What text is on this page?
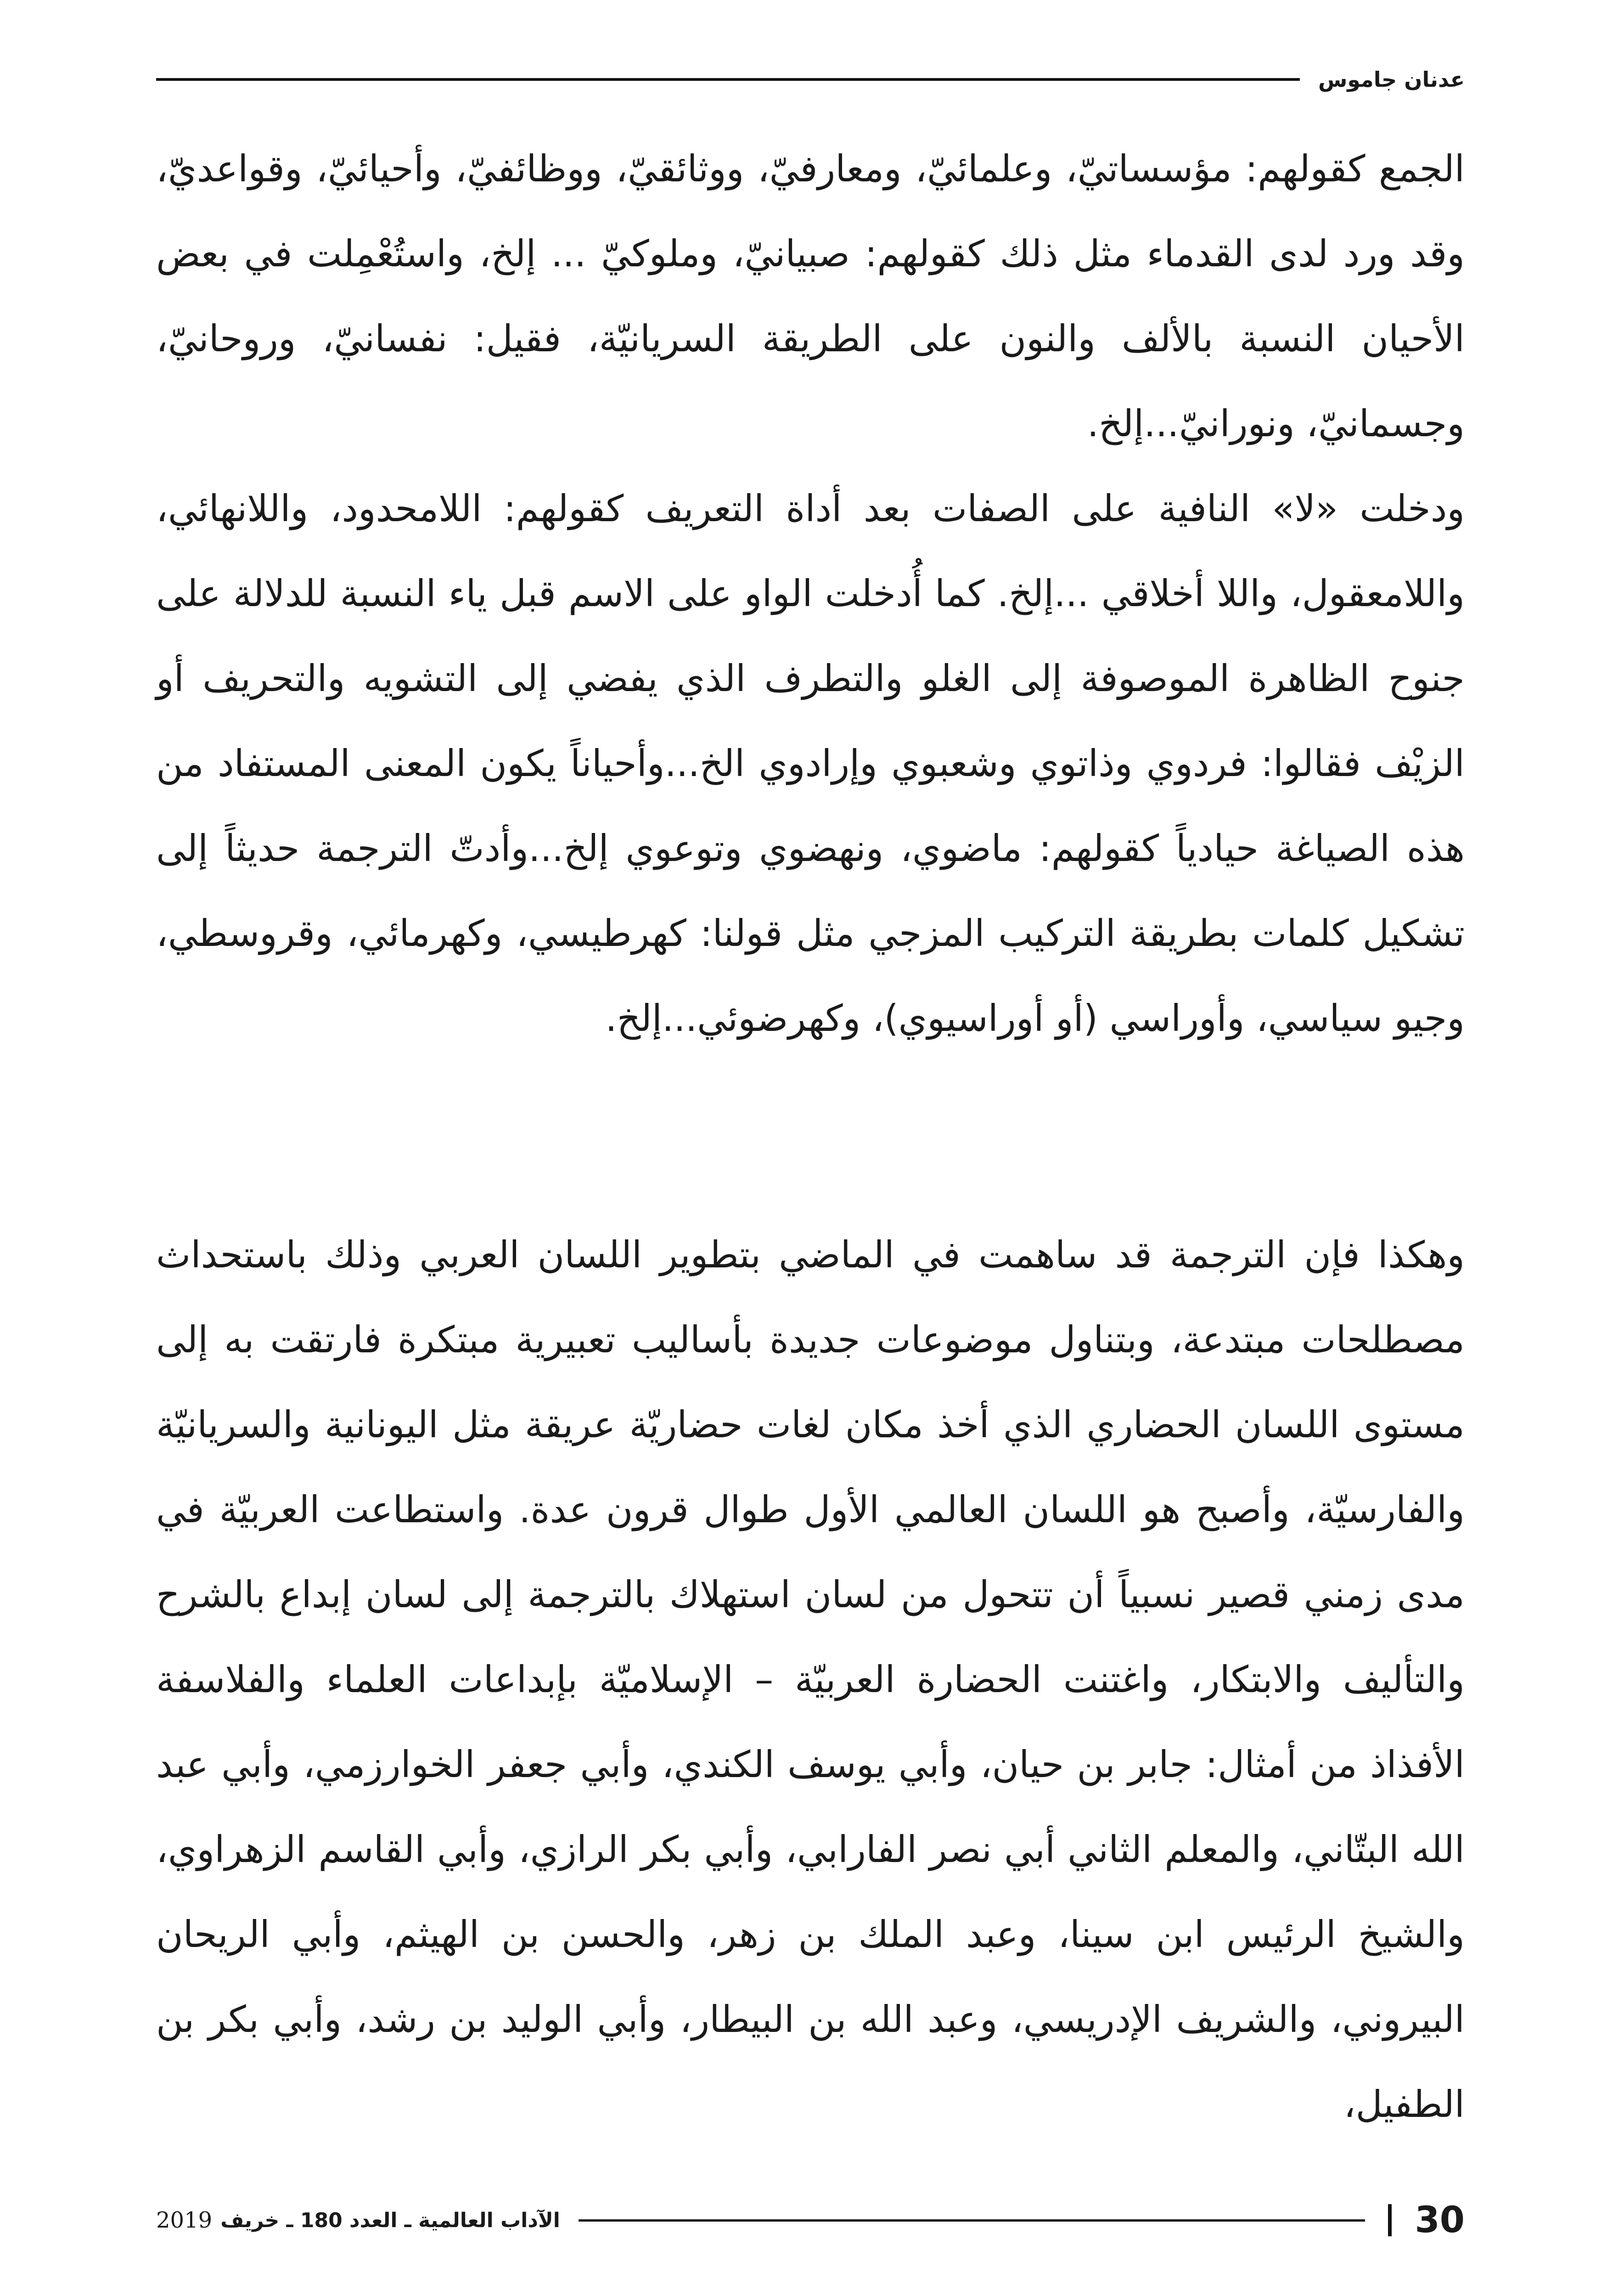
عدنان جاموس

الجمع كقولهم: مؤسساتيّ، وعلمائيّ، ومعارفيّ، ووثائقيّ، ووظائفيّ، وأحيائيّ، وقواعديّ، وقد ورد لدى القدماء مثل ذلك كقولهم: صبيانيّ، وملوكيّ ... إلخ، واستُعْمِلت في بعض الأحيان النسبة بالألف والنون على الطريقة السريانيّة، فقيل: نفسانيّ، وروحانيّ، وجسمانيّ، ونورانيّ...إلخ.

ودخلت «لا» النافية على الصفات بعد أداة التعريف كقولهم: اللامحدود، واللانهائي، واللامعقول، واللا أخلاقي ...إلخ. كما أُدخلت الواو على الاسم قبل ياء النسبة للدلالة على جنوح الظاهرة الموصوفة إلى الغلو والتطرف الذي يفضي إلى التشويه والتحريف أو الزيْف فقالوا: فردوي وذاتوي وشعبوي وإرادوي الخ...وأحياناً يكون المعنى المستفاد من هذه الصياغة حيادياً كقولهم: ماضوي، ونهضوي وتوعوي إلخ...وأدتّ الترجمة حديثاً إلى تشكيل كلمات بطريقة التركيب المزجي مثل قولنا: كهرطيسي، وكهرمائي، وقروسطي، وجيو سياسي، وأوراسي (أو أوراسيوي)، وكهرضوئي...إلخ.

وهكذا فإن الترجمة قد ساهمت في الماضي بتطوير اللسان العربي وذلك باستحداث مصطلحات مبتدعة، وبتناول موضوعات جديدة بأساليب تعبيرية مبتكرة فارتقت به إلى مستوى اللسان الحضاري الذي أخذ مكان لغات حضاريّة عريقة مثل اليونانية والسريانيّة والفارسيّة، وأصبح هو اللسان العالمي الأول طوال قرون عدة. واستطاعت العربيّة في مدى زمني قصير نسبياً أن تتحول من لسان استهلاك بالترجمة إلى لسان إبداع بالشرح والتأليف والابتكار، واغتنت الحضارة العربيّة – الإسلاميّة بإبداعات العلماء والفلاسفة الأفذاذ من أمثال: جابر بن حيان، وأبي يوسف الكندي، وأبي جعفر الخوارزمي، وأبي عبد الله البتّاني، والمعلم الثاني أبي نصر الفارابي، وأبي بكر الرازي، وأبي القاسم الزهراوي، والشيخ الرئيس ابن سينا، وعبد الملك بن زهر، والحسن بن الهيثم، وأبي الريحان البيروني، والشريف الإدريسي، وعبد الله بن البيطار، وأبي الوليد بن رشد، وأبي بكر بن الطفيل،

30
الآداب العالمية ـ العدد 180 ـ خريف
2019
